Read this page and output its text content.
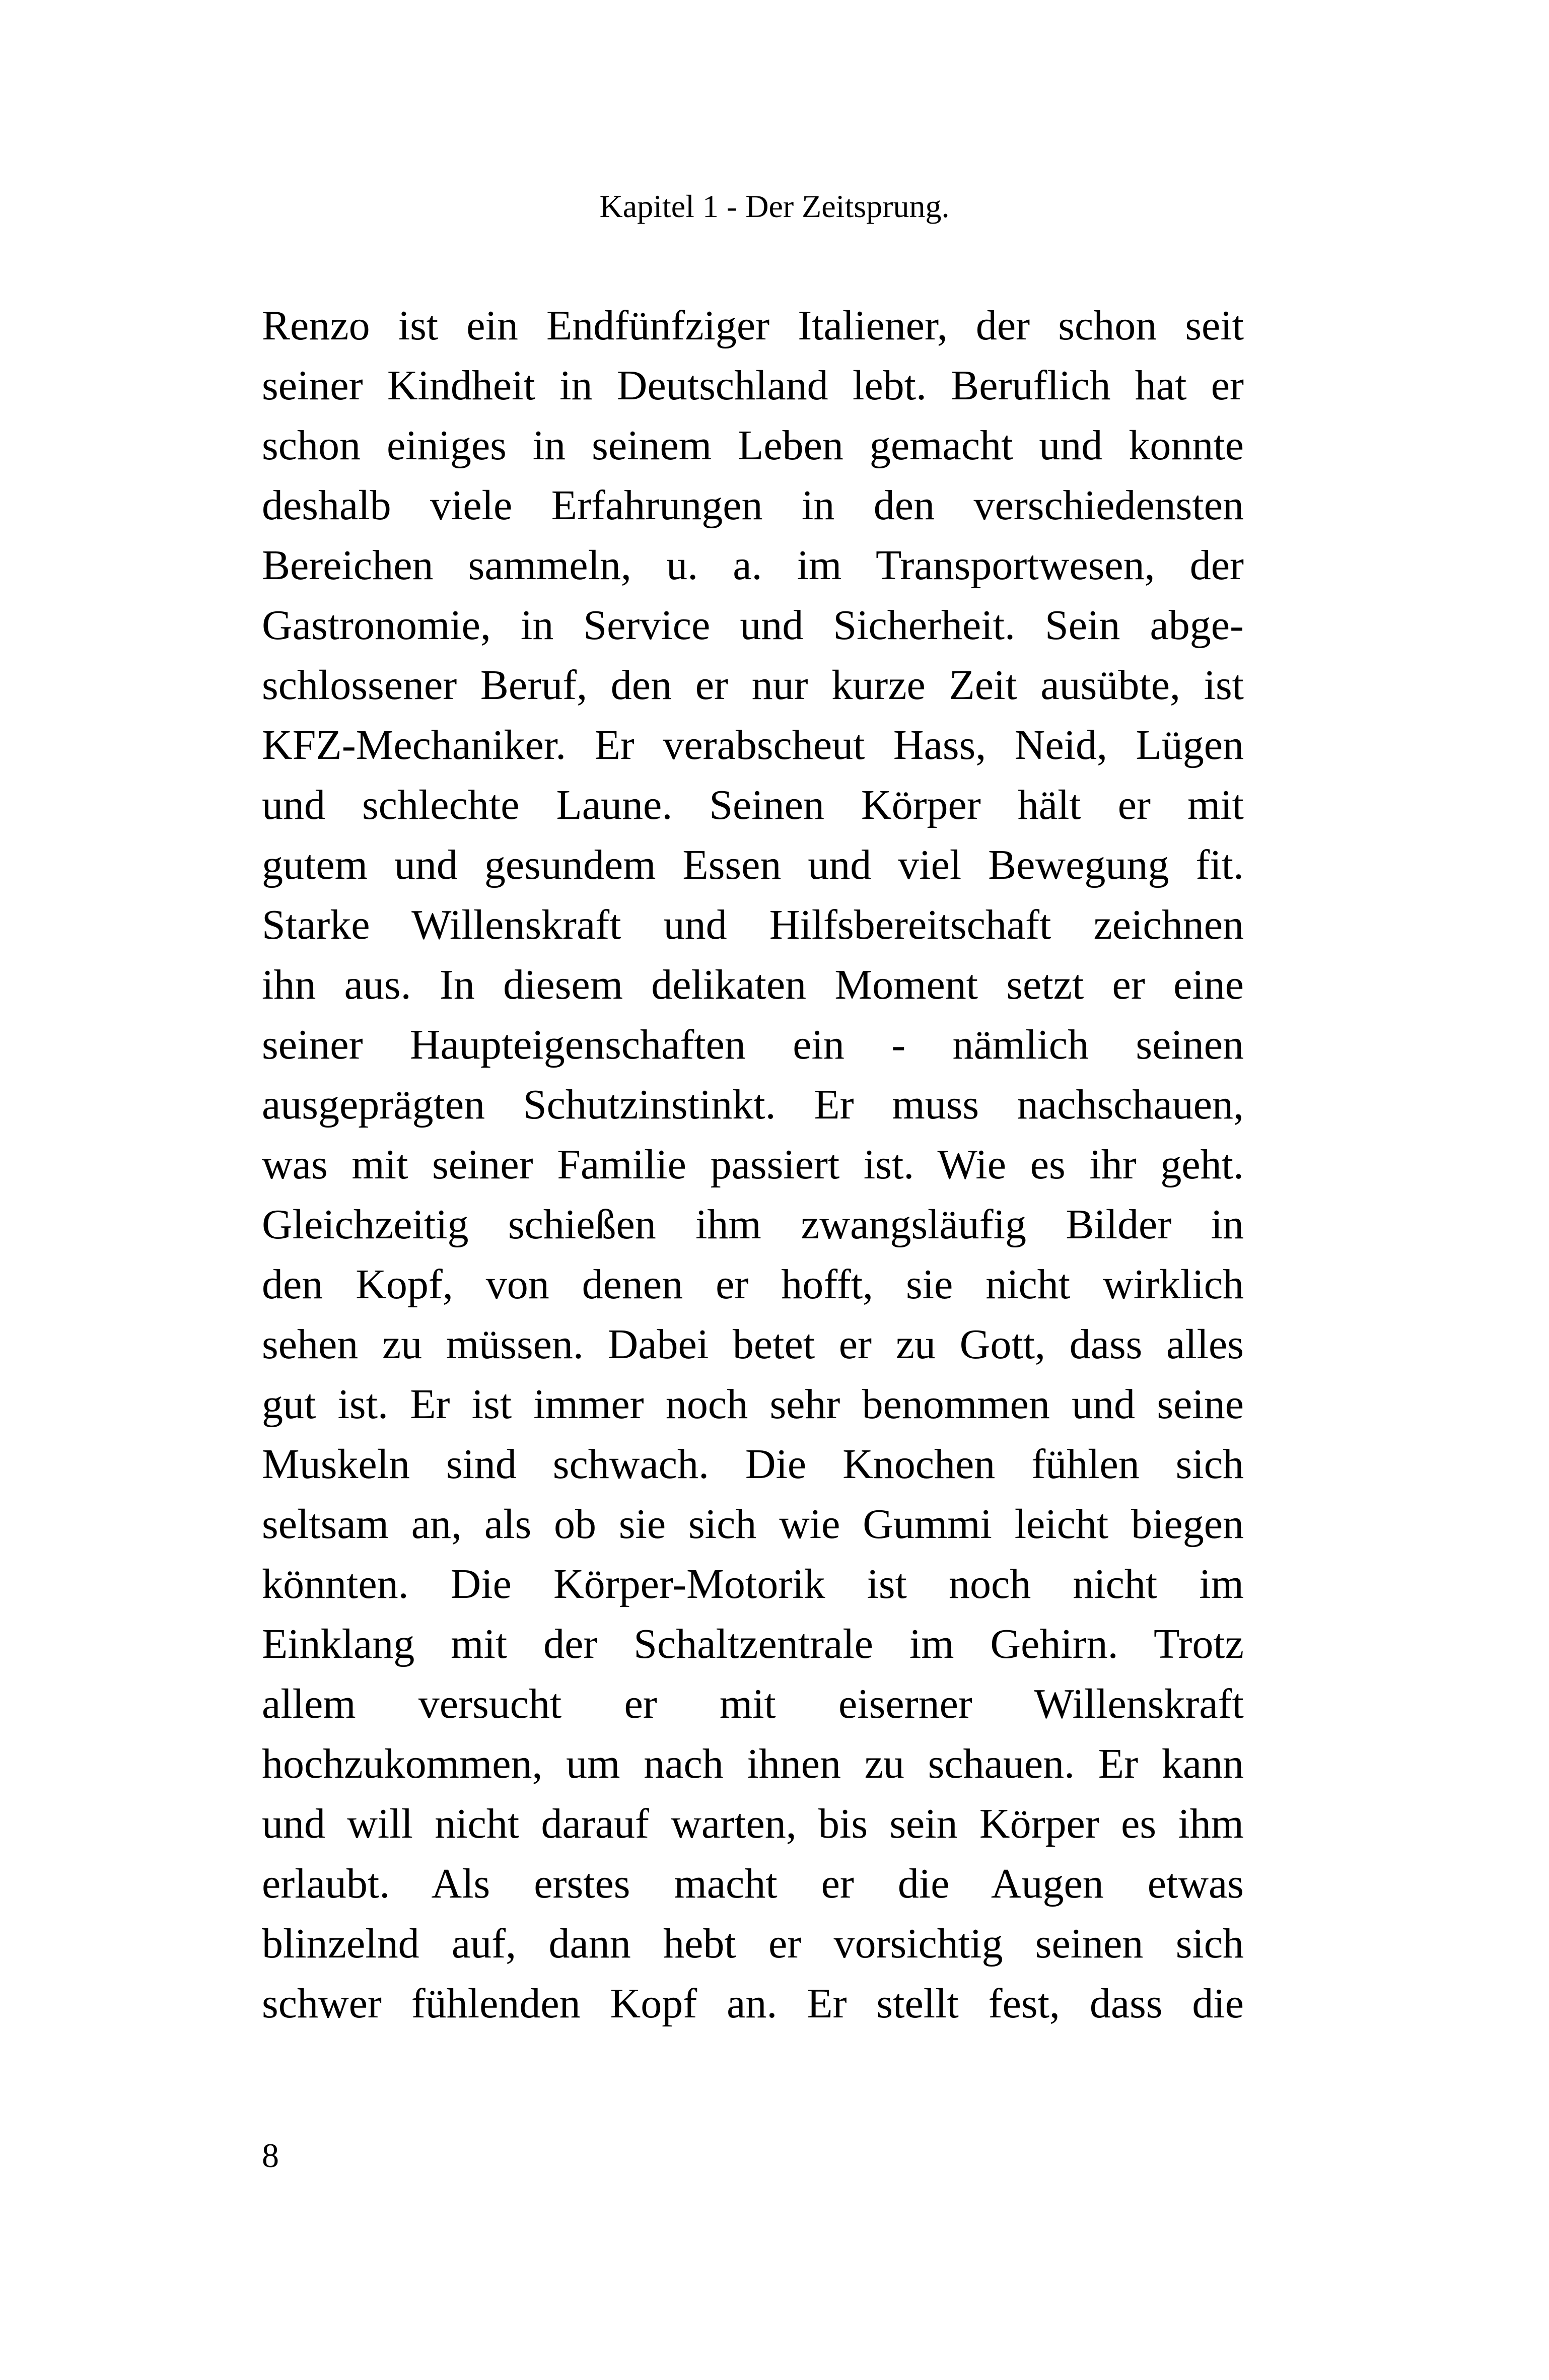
Kapitel 1 - Der Zeitsprung.
Renzo ist ein Endfünfziger Italiener, der schon seit
seiner Kindheit in Deutschland lebt. Beruflich hat er
schon einiges in seinem Leben gemacht und konnte
deshalb viele Erfahrungen in den verschiedensten
Bereichen sammeln, u. a. im Transportwesen, der
Gastronomie, in Service und Sicherheit. Sein abge-
schlossener Beruf, den er nur kurze Zeit ausübte, ist
KFZ-Mechaniker. Er verabscheut Hass, Neid, Lügen
und schlechte Laune. Seinen Körper hält er mit
gutem und gesundem Essen und viel Bewegung fit.
Starke Willenskraft und Hilfsbereitschaft zeichnen
ihn aus. In diesem delikaten Moment setzt er eine
seiner Haupteigenschaften ein - nämlich seinen
ausgeprägten Schutzinstinkt. Er muss nachschauen,
was mit seiner Familie passiert ist. Wie es ihr geht.
Gleichzeitig schießen ihm zwangsläufig Bilder in
den Kopf, von denen er hofft, sie nicht wirklich
sehen zu müssen. Dabei betet er zu Gott, dass alles
gut ist. Er ist immer noch sehr benommen und seine
Muskeln sind schwach. Die Knochen fühlen sich
seltsam an, als ob sie sich wie Gummi leicht biegen
könnten. Die Körper-Motorik ist noch nicht im
Einklang mit der Schaltzentrale im Gehirn. Trotz
allem versucht er mit eiserner Willenskraft
hochzukommen, um nach ihnen zu schauen. Er kann
und will nicht darauf warten, bis sein Körper es ihm
erlaubt. Als erstes macht er die Augen etwas
blinzelnd auf, dann hebt er vorsichtig seinen sich
schwer fühlenden Kopf an. Er stellt fest, dass die
8
